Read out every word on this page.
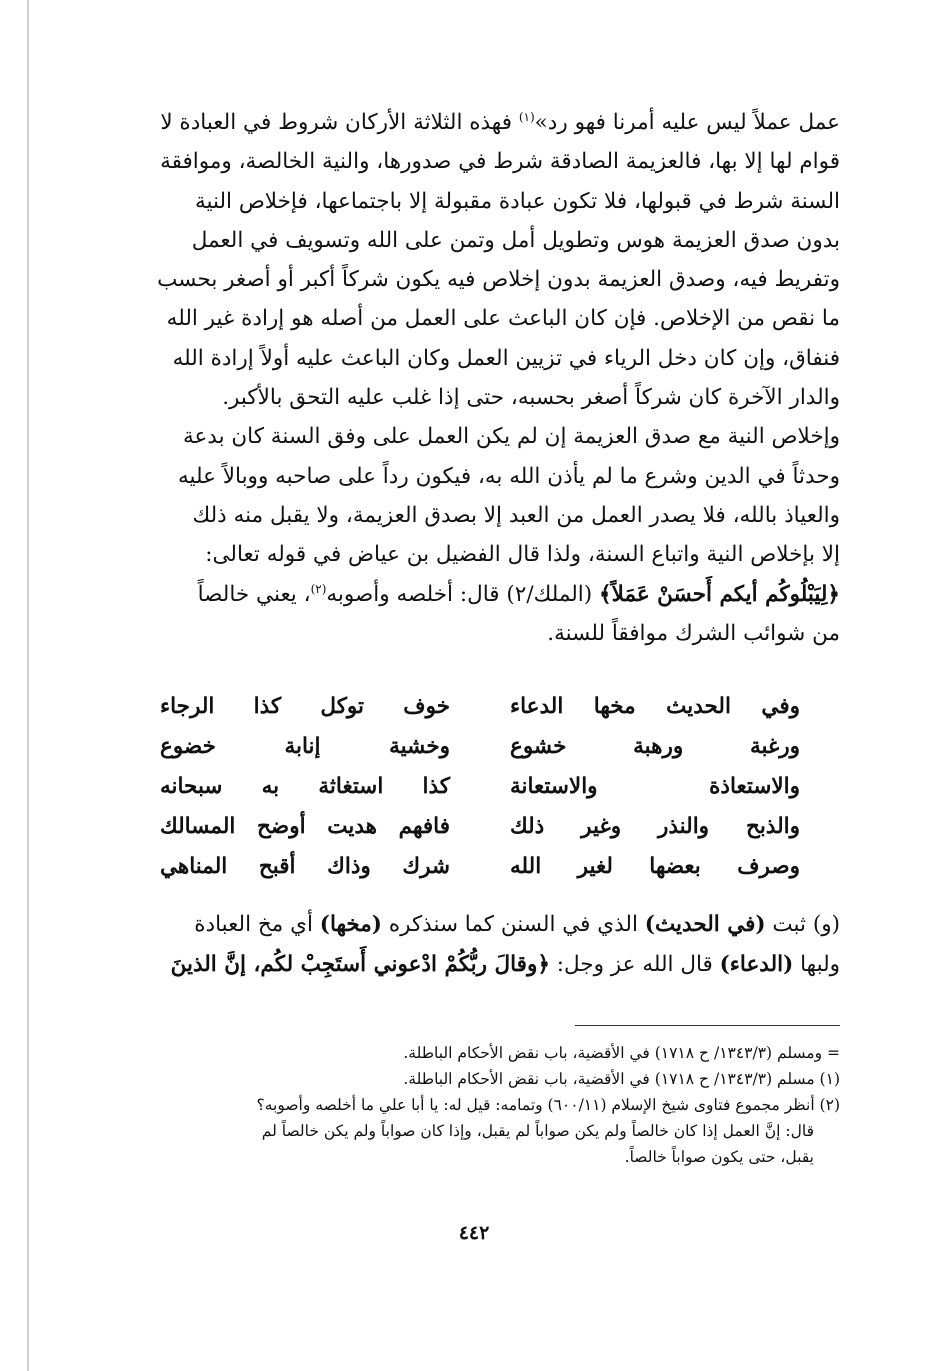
عمل عملاً ليس عليه أمرنا فهو رد»$^{(١)}$ فهذه الثلاثة الأركان شروط في العبادة لا

قوام لها إلا بها، فالعزيمة الصادقة شرط في صدورها، والنية الخالصة، وموافقة

السنة شرط في قبولها، فلا تكون عبادة مقبولة إلا باجتماعها، فإخلاص النية

بدون صدق العزيمة هوس وتطويل أمل وتمن على الله وتسويف في العمل

وتفريط فيه، وصدق العزيمة بدون إخلاص فيه يكون شركاً أكبر أو أصغر بحسب

ما نقص من الإخلاص. فإن كان الباعث على العمل من أصله هو إرادة غير الله

فنفاق، وإن كان دخل الرياء في تزيين العمل وكان الباعث عليه أولاً إرادة الله

والدار الآخرة كان شركاً أصغر بحسبه، حتى إذا غلب عليه التحق بالأكبر.

وإخلاص النية مع صدق العزيمة إن لم يكن العمل على وفق السنة كان بدعة

وحدثاً في الدين وشرع ما لم يأذن الله به، فيكون رداً على صاحبه ووبالاً عليه

والعياذ بالله، فلا يصدر العمل من العبد إلا بصدق العزيمة، ولا يقبل منه ذلك

إلا بإخلاص النية واتباع السنة، ولذا قال الفضيل بن عياض في قوله تعالى:

﴿لِيَبْلُوكُم أيكم أَحسَنْ عَمَلاً﴾ (الملك/٢) قال: أخلصه وأصوبه$^{(٢)}$، يعني خالصاً

من شوائب الشرك موافقاً للسنة.

وفي الحديث مخها الدعاء
خوف توكل كذا الرجاء
ورغبة ورهبة خشوع
وخشية إنابة خضوع
والاستعاذة والاستعانة
كذا استغاثة به سبحانه
والذبح والنذر وغير ذلك
فافهم هديت أوضح المسالك
وصرف بعضها لغير الله
شرك وذاك أقبح المناهي

(و) ثبت (في الحديث) الذي في السنن كما سنذكره (مخها) أي مخ العبادة

ولبها (الدعاء) قال الله عز وجل: ﴿وقالَ ربُّكُمْ ادْعوني أَستَجِبْ لكُم، إنَّ الذينَ

= ومسلم (١٣٤٣/٣/ ح ١٧١٨) في الأقضية، باب نقض الأحكام الباطلة.

(١) مسلم (١٣٤٣/٣/ ح ١٧١٨) في الأقضية، باب نقض الأحكام الباطلة.

(٢) أنظر مجموع فتاوى شيخ الإسلام (٦٠٠/١١) وتمامه: قيل له: يا أبا علي ما أخلصه وأصوبه؟

قال: إنَّ العمل إذا كان خالصاً ولم يكن صواباً لم يقبل، وإذا كان صواباً ولم يكن خالصاً لم

يقبل، حتى يكون صواباً خالصاً.

٤٤٢
